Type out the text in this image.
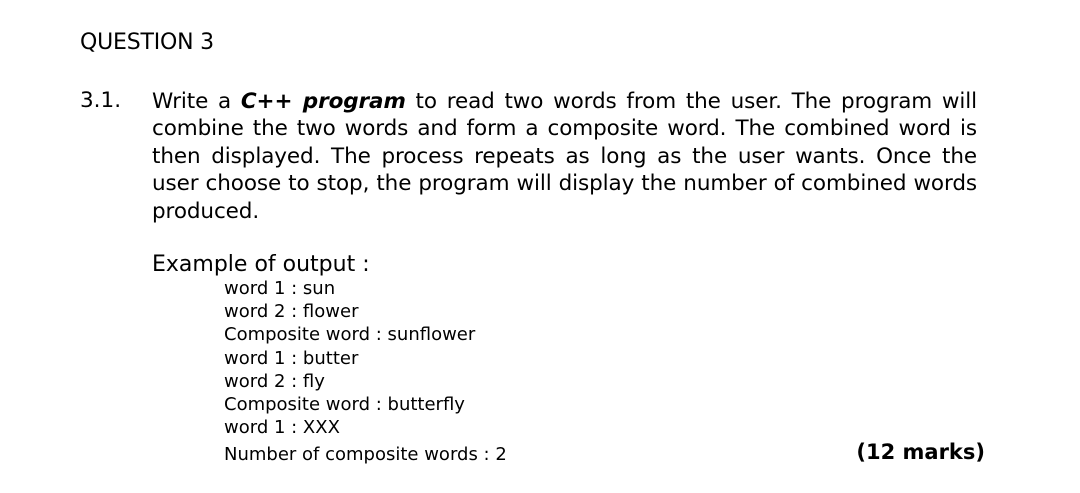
QUESTION 3
3.1. Write a C++ program to read two words from the user. The program will combine the two words and form a composite word. The combined word is then displayed. The process repeats as long as the user wants. Once the user choose to stop, the program will display the number of combined words produced.
Example of output :
word 1 : sun
word 2 : flower
Composite word : sunflower
word 1 : butter
word 2 : fly
Composite word : butterfly
word 1 : XXX
Number of composite words : 2	(12 marks)
